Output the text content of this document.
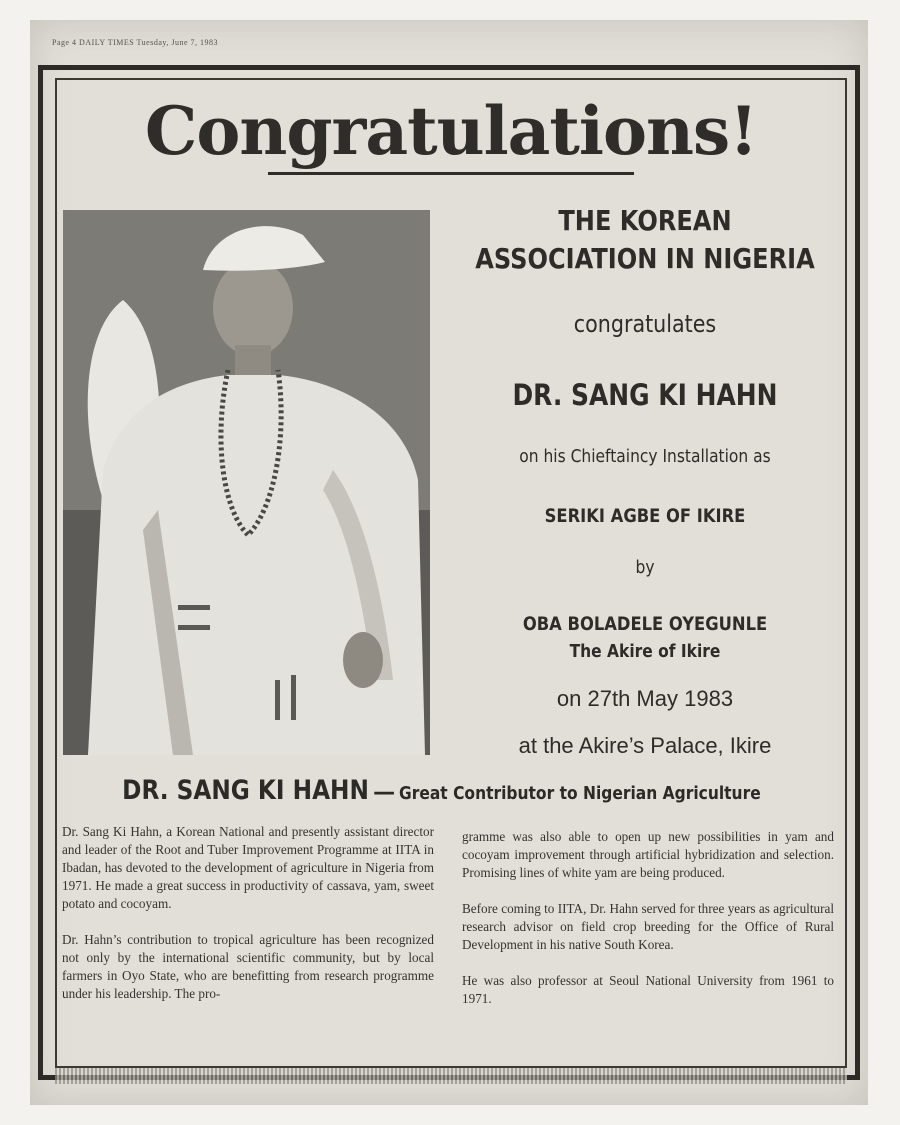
Page 4 DAILY TIMES Tuesday, June 7, 1983
Congratulations!
THE KOREAN
ASSOCIATION IN NIGERIA
congratulates
DR. SANG KI HAHN
on his Chieftaincy Installation as
SERIKI AGBE OF IKIRE
by
OBA BOLADELE OYEGUNLE
The Akire of Ikire
on 27th May 1983
at the Akire’s Palace, Ikire
DR. SANG KI HAHN — Great Contributor to Nigerian Agriculture

Dr. Sang Ki Hahn, a Korean National and presently assistant director and leader of the Root and Tuber Improvement Programme at IITA in Ibadan, has devoted to the development of agriculture in Nigeria from 1971. He made a great success in productivity of cassava, yam, sweet potato and cocoyam.

Dr. Hahn’s contribution to tropical agriculture has been recognized not only by the international scientific community, but by local farmers in Oyo State, who are benefitting from research programme under his leadership. The pro-

gramme was also able to open up new possibilities in yam and cocoyam improvement through artificial hybridization and selection. Promising lines of white yam are being produced.

Before coming to IITA, Dr. Hahn served for three years as agricultural research advisor on field crop breeding for the Office of Rural Development in his native South Korea.

He was also professor at Seoul National University from 1961 to 1971.
